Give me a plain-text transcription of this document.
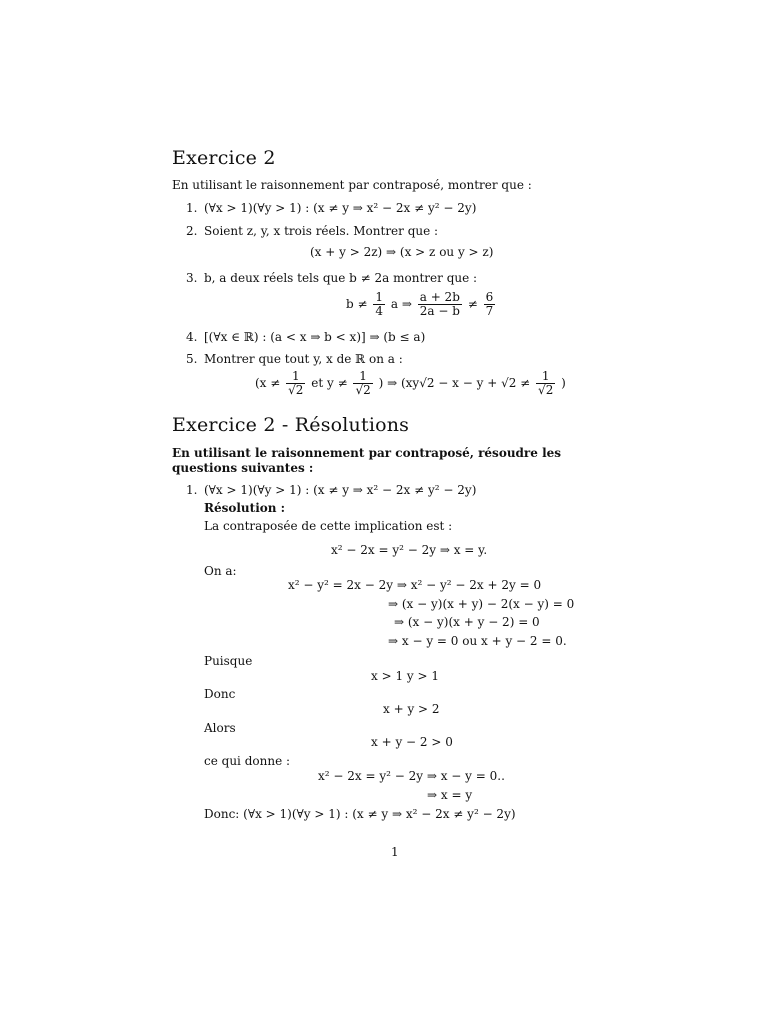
Exercice 2
En utilisant le raisonnement par contraposé, montrer que :
1. (∀x > 1)(∀y > 1) : (x ≠ y ⇒ x² − 2x ≠ y² − 2y)
2. Soient z, y, x trois réels. Montrer que :
(x + y > 2z) ⇒ (x > z ou y > z)
3. b, a deux réels tels que b ≠ 2a montrer que :
$b \ne \frac{1}{4}$ a ⇒ $\frac{a + 2b}{2a - b} \ne \frac{6}{7}$
4. [(∀x ∈ ℝ) : (a < x ⇒ b < x)] ⇒ (b ≤ a)
5. Montrer que tout y, x de ℝ on a :
($x \ne \frac{1}{√2}$ et $y \ne \frac{1}{√2}$ ) ⇒ ($xy√2 - x - y + √2 \ne \frac{1}{√2}$ )
Exercice 2 - Résolutions
En utilisant le raisonnement par contraposé, résoudre les questions suivantes :
1. (∀x > 1)(∀y > 1) : (x ≠ y ⇒ x² − 2x ≠ y² − 2y)
Résolution :
La contraposée de cette implication est :
x² − 2x = y² − 2y ⇒ x = y.
On a:
x² − y² = 2x − 2y ⇒ x² − y² − 2x + 2y = 0
⇒ (x − y)(x + y) − 2(x − y) = 0
⇒ (x − y)(x + y − 2) = 0
⇒ x − y = 0 ou x + y − 2 = 0.
Puisque
x > 1 y > 1
Donc
x + y > 2
Alors
x + y − 2 > 0
ce qui donne :
x² − 2x = y² − 2y ⇒ x − y = 0..
⇒ x = y
Donc: (∀x > 1)(∀y > 1) : (x ≠ y ⇒ x² − 2x ≠ y² − 2y)
1
